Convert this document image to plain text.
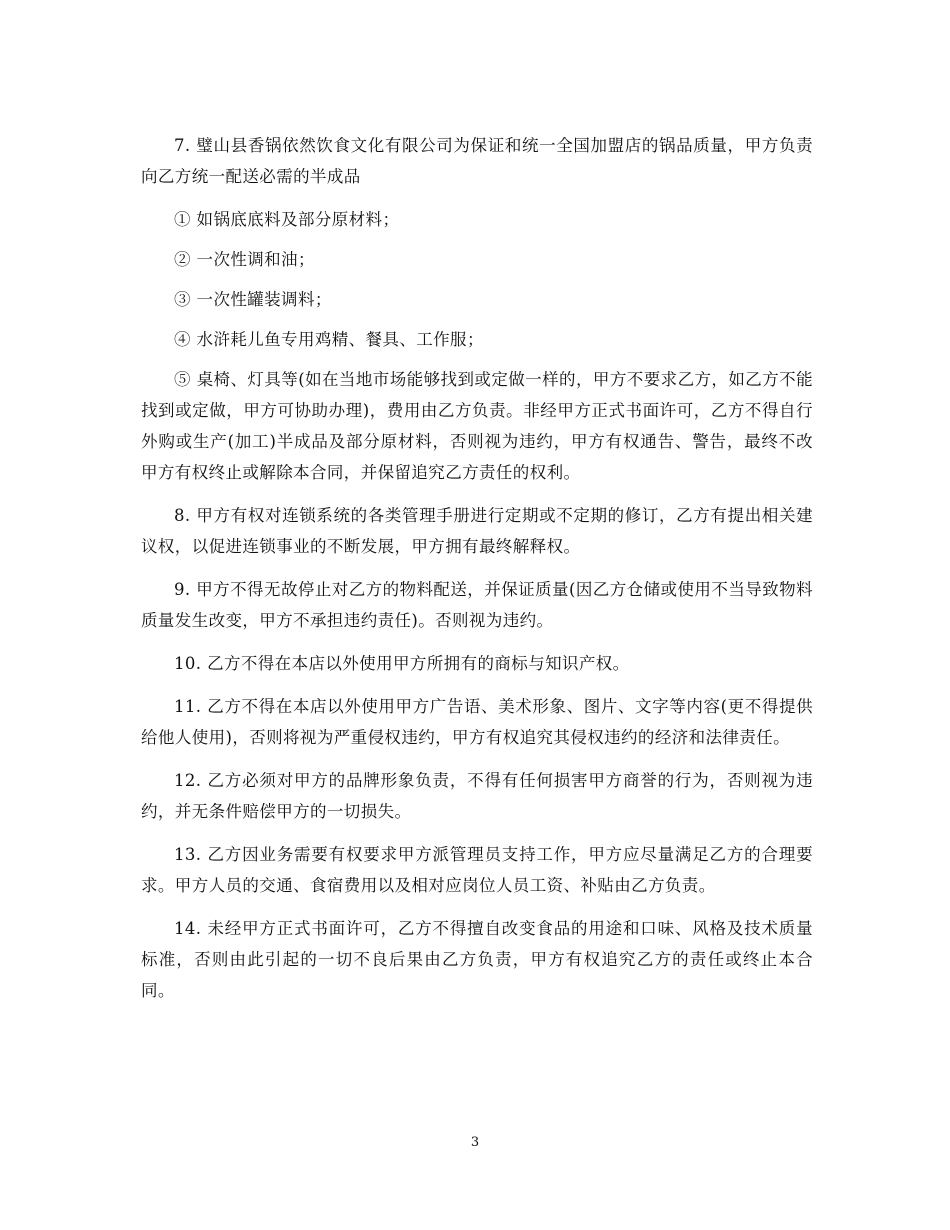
7. 璧山县香锅依然饮食文化有限公司为保证和统一全国加盟店的锅品质量，甲方负责向乙方统一配送必需的半成品

① 如锅底底料及部分原材料；

② 一次性调和油；

③ 一次性罐装调料；

④ 水浒耗儿鱼专用鸡精、餐具、工作服；

⑤ 桌椅、灯具等(如在当地市场能够找到或定做一样的，甲方不要求乙方，如乙方不能找到或定做，甲方可协助办理)，费用由乙方负责。非经甲方正式书面许可，乙方不得自行外购或生产(加工)半成品及部分原材料，否则视为违约，甲方有权通告、警告，最终不改甲方有权终止或解除本合同，并保留追究乙方责任的权利。

8. 甲方有权对连锁系统的各类管理手册进行定期或不定期的修订，乙方有提出相关建议权，以促进连锁事业的不断发展，甲方拥有最终解释权。

9. 甲方不得无故停止对乙方的物料配送，并保证质量(因乙方仓储或使用不当导致物料质量发生改变，甲方不承担违约责任)。否则视为违约。

10. 乙方不得在本店以外使用甲方所拥有的商标与知识产权。

11. 乙方不得在本店以外使用甲方广告语、美术形象、图片、文字等内容(更不得提供给他人使用)，否则将视为严重侵权违约，甲方有权追究其侵权违约的经济和法律责任。

12. 乙方必须对甲方的品牌形象负责，不得有任何损害甲方商誉的行为，否则视为违约，并无条件赔偿甲方的一切损失。

13. 乙方因业务需要有权要求甲方派管理员支持工作，甲方应尽量满足乙方的合理要求。甲方人员的交通、食宿费用以及相对应岗位人员工资、补贴由乙方负责。

14. 未经甲方正式书面许可，乙方不得擅自改变食品的用途和口味、风格及技术质量标准，否则由此引起的一切不良后果由乙方负责，甲方有权追究乙方的责任或终止本合同。

3
